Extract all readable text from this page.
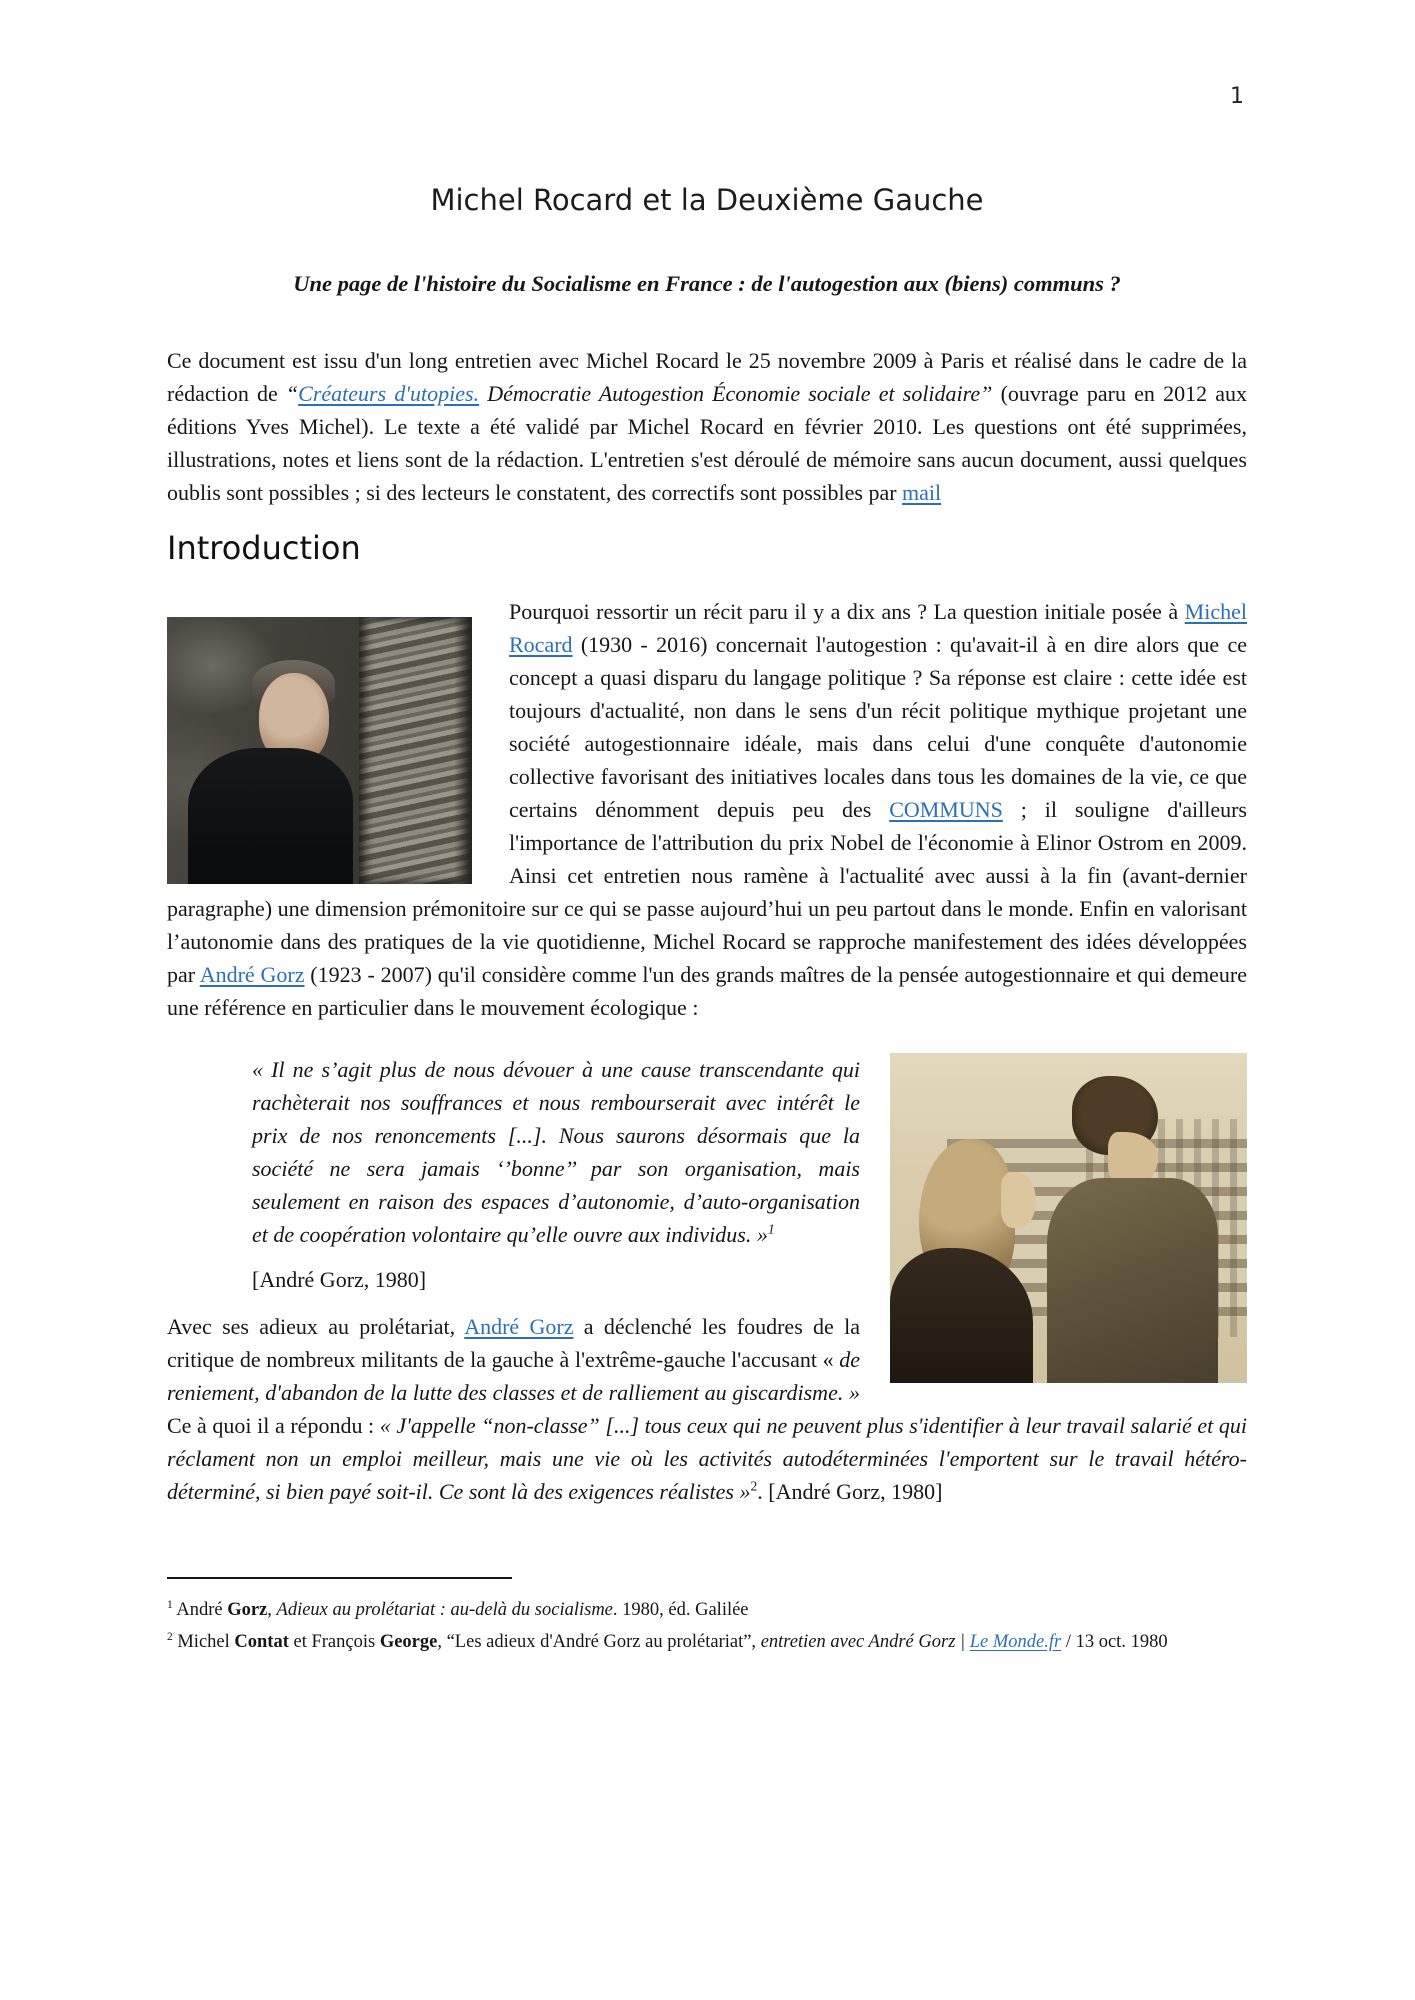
1
Michel Rocard et la Deuxième Gauche
Une page de l'histoire du Socialisme en France : de l'autogestion aux (biens) communs ?

Ce document est issu d'un long entretien avec Michel Rocard le 25 novembre 2009 à Paris et réalisé dans le cadre de la rédaction de “Créateurs d'utopies. Démocratie Autogestion Économie sociale et solidaire” (ouvrage paru en 2012 aux éditions Yves Michel). Le texte a été validé par Michel Rocard en février 2010. Les questions ont été supprimées, illustrations, notes et liens sont de la rédaction. L'entretien s'est déroulé de mémoire sans aucun document, aussi quelques oublis sont possibles ; si des lecteurs le constatent, des correctifs sont possibles par mail

Introduction

Pourquoi ressortir un récit paru il y a dix ans ? La question initiale posée à Michel Rocard (1930 - 2016) concernait l'autogestion : qu'avait-il à en dire alors que ce concept a quasi disparu du langage politique ? Sa réponse est claire : cette idée est toujours d'actualité, non dans le sens d'un récit politique mythique projetant une société autogestionnaire idéale, mais dans celui d'une conquête d'autonomie collective favorisant des initiatives locales dans tous les domaines de la vie, ce que certains dénomment depuis peu des COMMUNS ; il souligne d'ailleurs l'importance de l'attribution du prix Nobel de l'économie à Elinor Ostrom en 2009. Ainsi cet entretien nous ramène à l'actualité avec aussi à la fin (avant-dernier paragraphe) une dimension prémonitoire sur ce qui se passe aujourd’hui un peu partout dans le monde. Enfin en valorisant l’autonomie dans des pratiques de la vie quotidienne, Michel Rocard se rapproche manifestement des idées développées par André Gorz (1923 - 2007) qu'il considère comme l'un des grands maîtres de la pensée autogestionnaire et qui demeure une référence en particulier dans le mouvement écologique :

« Il ne s’agit plus de nous dévouer à une cause transcendante qui rachèterait nos souffrances et nous rembourserait avec intérêt le prix de nos renoncements [...]. Nous saurons désormais que la société ne sera jamais ‘’bonne’’ par son organisation, mais seulement en raison des espaces d’autonomie, d’auto-organisation et de coopération volontaire qu’elle ouvre aux individus. »$^1$

[André Gorz, 1980]

Avec ses adieux au prolétariat, André Gorz a déclenché les foudres de la critique de nombreux militants de la gauche à l'extrême-gauche l'accusant « de reniement, d'abandon de la lutte des classes et de ralliement au giscardisme. » Ce à quoi il a répondu : « J'appelle “non-classe” [...] tous ceux qui ne peuvent plus s'identifier à leur travail salarié et qui réclament non un emploi meilleur, mais une vie où les activités autodéterminées l'emportent sur le travail hétéro-déterminé, si bien payé soit-il. Ce sont là des exigences réalistes »$^2$. [André Gorz, 1980]

$^1$ André Gorz, Adieux au prolétariat : au-delà du socialisme. 1980, éd. Galilée

$^2$ Michel Contat et François George, “Les adieux d'André Gorz au prolétariat”, entretien avec André Gorz | Le Monde.fr / 13 oct. 1980
